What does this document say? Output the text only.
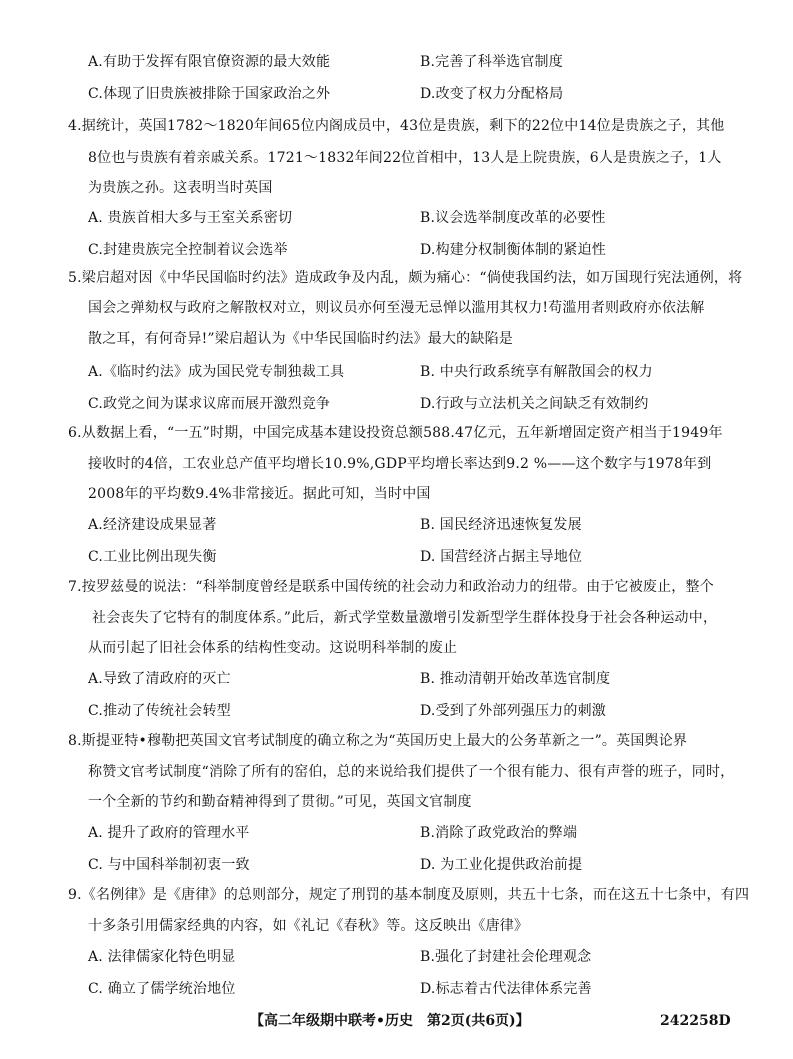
A.有助于发挥有限官僚资源的最大效能	B.完善了科举选官制度
C.体现了旧贵族被排除于国家政治之外	D.改变了权力分配格局
4.据统计，英国1782～1820年间65位内阁成员中，43位是贵族，剩下的22位中14位是贵族之子，其他
8位也与贵族有着亲戚关系。1721～1832年间22位首相中，13人是上院贵族，6人是贵族之子，1人
为贵族之孙。这表明当时英国
A. 贵族首相大多与王室关系密切	B.议会选举制度改革的必要性
C.封建贵族完全控制着议会选举	D.构建分权制衡体制的紧迫性
5.梁启超对因《中华民国临时约法》造成政争及内乱，颇为痛心：“倘使我国约法，如万国现行宪法通例，将
国会之弹劾权与政府之解散权对立，则议员亦何至漫无忌惮以滥用其权力!苟滥用者则政府亦依法解
散之耳，有何奇异!”梁启超认为《中华民国临时约法》最大的缺陷是
A.《临时约法》成为国民党专制独裁工具	B. 中央行政系统享有解散国会的权力
C.政党之间为谋求议席而展开激烈竞争	D.行政与立法机关之间缺乏有效制约
6.从数据上看，“一五”时期，中国完成基本建设投资总额588.47亿元，五年新增固定资产相当于1949年
接收时的4倍，工农业总产值平均增长10.9%,GDP平均增长率达到9.2 %——这个数字与1978年到
2008年的平均数9.4%非常接近。据此可知，当时中国
A.经济建设成果显著	B. 国民经济迅速恢复发展
C.工业比例出现失衡	D. 国营经济占据主导地位
7.按罗兹曼的说法：“科举制度曾经是联系中国传统的社会动力和政治动力的纽带。由于它被废止，整个
社会丧失了它特有的制度体系。”此后，新式学堂数量激增引发新型学生群体投身于社会各种运动中，
从而引起了旧社会体系的结构性变动。这说明科举制的废止
A.导致了清政府的灭亡	B. 推动清朝开始改革选官制度
C.推动了传统社会转型	D.受到了外部列强压力的刺激
8.斯提亚特•穆勒把英国文官考试制度的确立称之为“英国历史上最大的公务革新之一”。英国舆论界
称赞文官考试制度“消除了所有的窑伯，总的来说给我们提供了一个很有能力、很有声誉的班子，同时，
一个全新的节约和勤奋精神得到了贯彻。”可见，英国文官制度
A. 提升了政府的管理水平	B.消除了政党政治的弊端
C. 与中国科举制初衷一致	D. 为工业化提供政治前提
9.《名例律》是《唐律》的总则部分，规定了刑罚的基本制度及原则，共五十七条，而在这五十七条中，有四
十多条引用儒家经典的内容，如《礼记《春秋》等。这反映出《唐律》
A. 法律儒家化特色明显	B.强化了封建社会伦理观念
C. 确立了儒学统治地位	D.标志着古代法律体系完善
【高二年级期中联考•历史　第2页(共6页)】	242258D
